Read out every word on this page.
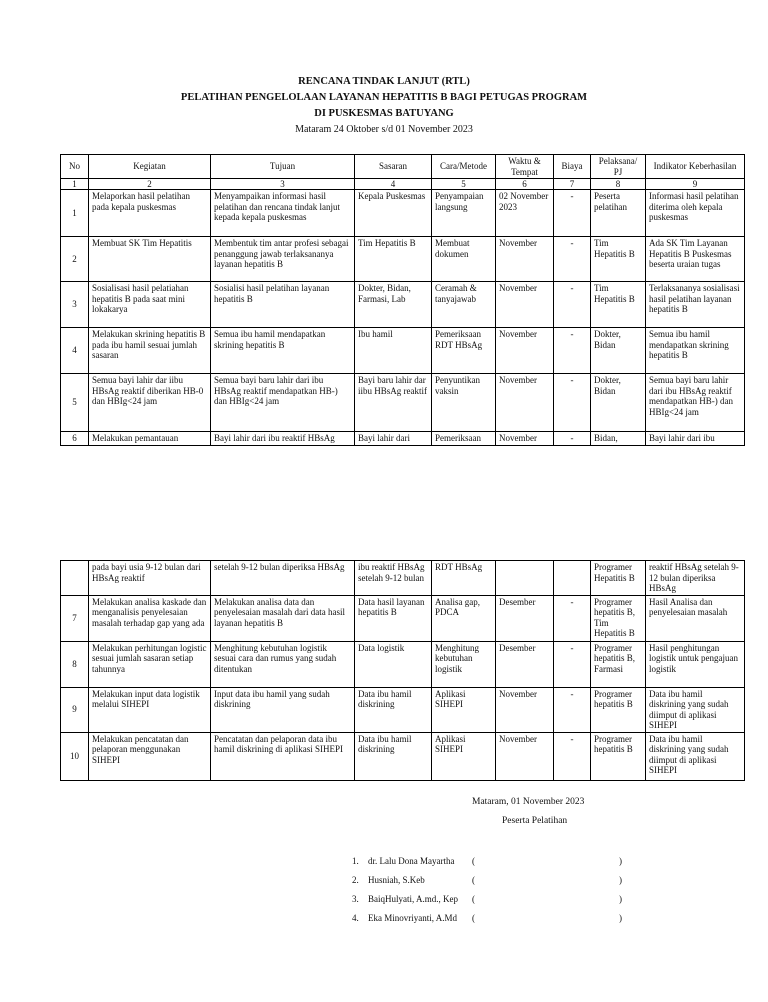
RENCANA TINDAK LANJUT (RTL)
PELATIHAN PENGELOLAAN LAYANAN HEPATITIS B BAGI PETUGAS PROGRAM
DI PUSKESMAS BATUYANG
Mataram 24 Oktober s/d 01 November 2023
No	Kegiatan	Tujuan	Sasaran	Cara/Metode	Waktu & Tempat	Biaya	Pelaksana/ PJ	Indikator Keberhasilan
1	2	3	4	5	6	7	8	9
1	Melaporkan hasil pelatihan pada kepala puskesmas	Menyampaikan informasi hasil pelatihan dan rencana tindak lanjut kepada kepala puskesmas	Kepala Puskesmas	Penyampaian langsung	02 November 2023	-	Peserta pelatihan	Informasi hasil pelatihan diterima oleh kepala puskesmas
2	Membuat SK Tim Hepatitis	Membentuk tim antar profesi sebagai penanggung jawab terlaksananya layanan hepatitis B	Tim Hepatitis B	Membuat dokumen	November	-	Tim Hepatitis B	Ada SK Tim Layanan Hepatitis B Puskesmas beserta uraian tugas
3	Sosialisasi hasil pelatiahan hepatitis B pada saat mini lokakarya	Sosialisi hasil pelatihan layanan hepatitis B	Dokter, Bidan, Farmasi, Lab	Ceramah & tanyajawab	November	-	Tim Hepatitis B	Terlaksananya sosialisasi hasil pelatihan layanan hepatitis B
4	Melakukan skrining hepatitis B pada ibu hamil sesuai jumlah sasaran	Semua ibu hamil mendapatkan skrining hepatitis B	Ibu hamil	Pemeriksaan RDT HBsAg	November	-	Dokter, Bidan	Semua ibu hamil mendapatkan skrining hepatitis B
5	Semua bayi lahir dar iibu HBsAg reaktif diberikan HB-0 dan HBIg<24 jam	Semua bayi baru lahir dari ibu HBsAg reaktif mendapatkan HB-) dan HBIg<24 jam	Bayi baru lahir dar iibu HBsAg reaktif	Penyuntikan vaksin	November	-	Dokter, Bidan	Semua bayi baru lahir dari ibu HBsAg reaktif mendapatkan HB-) dan HBIg<24 jam
6	Melakukan pemantauan	Bayi lahir dari ibu reaktif HBsAg	Bayi lahir dari	Pemeriksaan	November	-	Bidan,	Bayi lahir dari ibu
	pada bayi usia 9-12 bulan dari HBsAg reaktif	setelah 9-12 bulan diperiksa HBsAg	ibu reaktif HBsAg setelah 9-12 bulan	RDT HBsAg			Programer Hepatitis B	reaktif HBsAg setelah 9-12 bulan diperiksa HBsAg
7	Melakukan analisa kaskade dan menganalisis penyelesaian masalah terhadap gap yang ada	Melakukan analisa data dan penyelesaian masalah dari data hasil layanan hepatitis B	Data hasil layanan hepatitis B	Analisa gap, PDCA	Desember	-	Programer hepatitis B, Tim Hepatitis B	Hasil Analisa dan penyelesaian masalah
8	Melakukan perhitungan logistic sesuai jumlah sasaran setiap tahunnya	Menghitung kebutuhan logistik sesuai cara dan rumus yang sudah ditentukan	Data logistik	Menghitung kebutuhan logistik	Desember	-	Programer hepatitis B, Farmasi	Hasil penghitungan logistik untuk pengajuan logistik
9	Melakukan input data logistik melalui SIHEPI	Input data ibu hamil yang sudah diskrining	Data ibu hamil diskrining	Aplikasi SIHEPI	November	-	Programer hepatitis B	Data ibu hamil diskrining yang sudah diimput di aplikasi SIHEPI
10	Melakukan pencatatan dan pelaporan menggunakan SIHEPI	Pencatatan dan pelaporan data ibu hamil diskrining di aplikasi SIHEPI	Data ibu hamil diskrining	Aplikasi SIHEPI	November	-	Programer hepatitis B	Data ibu hamil diskrining yang sudah diimput di aplikasi SIHEPI
Mataram, 01 November 2023
Peserta Pelatihan
1. dr. Lalu Dona Mayartha (	)
2. Husniah, S.Keb	(	)
3. BaiqHulyati, A.md., Kep (	)
4. Eka Minovriyanti, A.Md (	)
